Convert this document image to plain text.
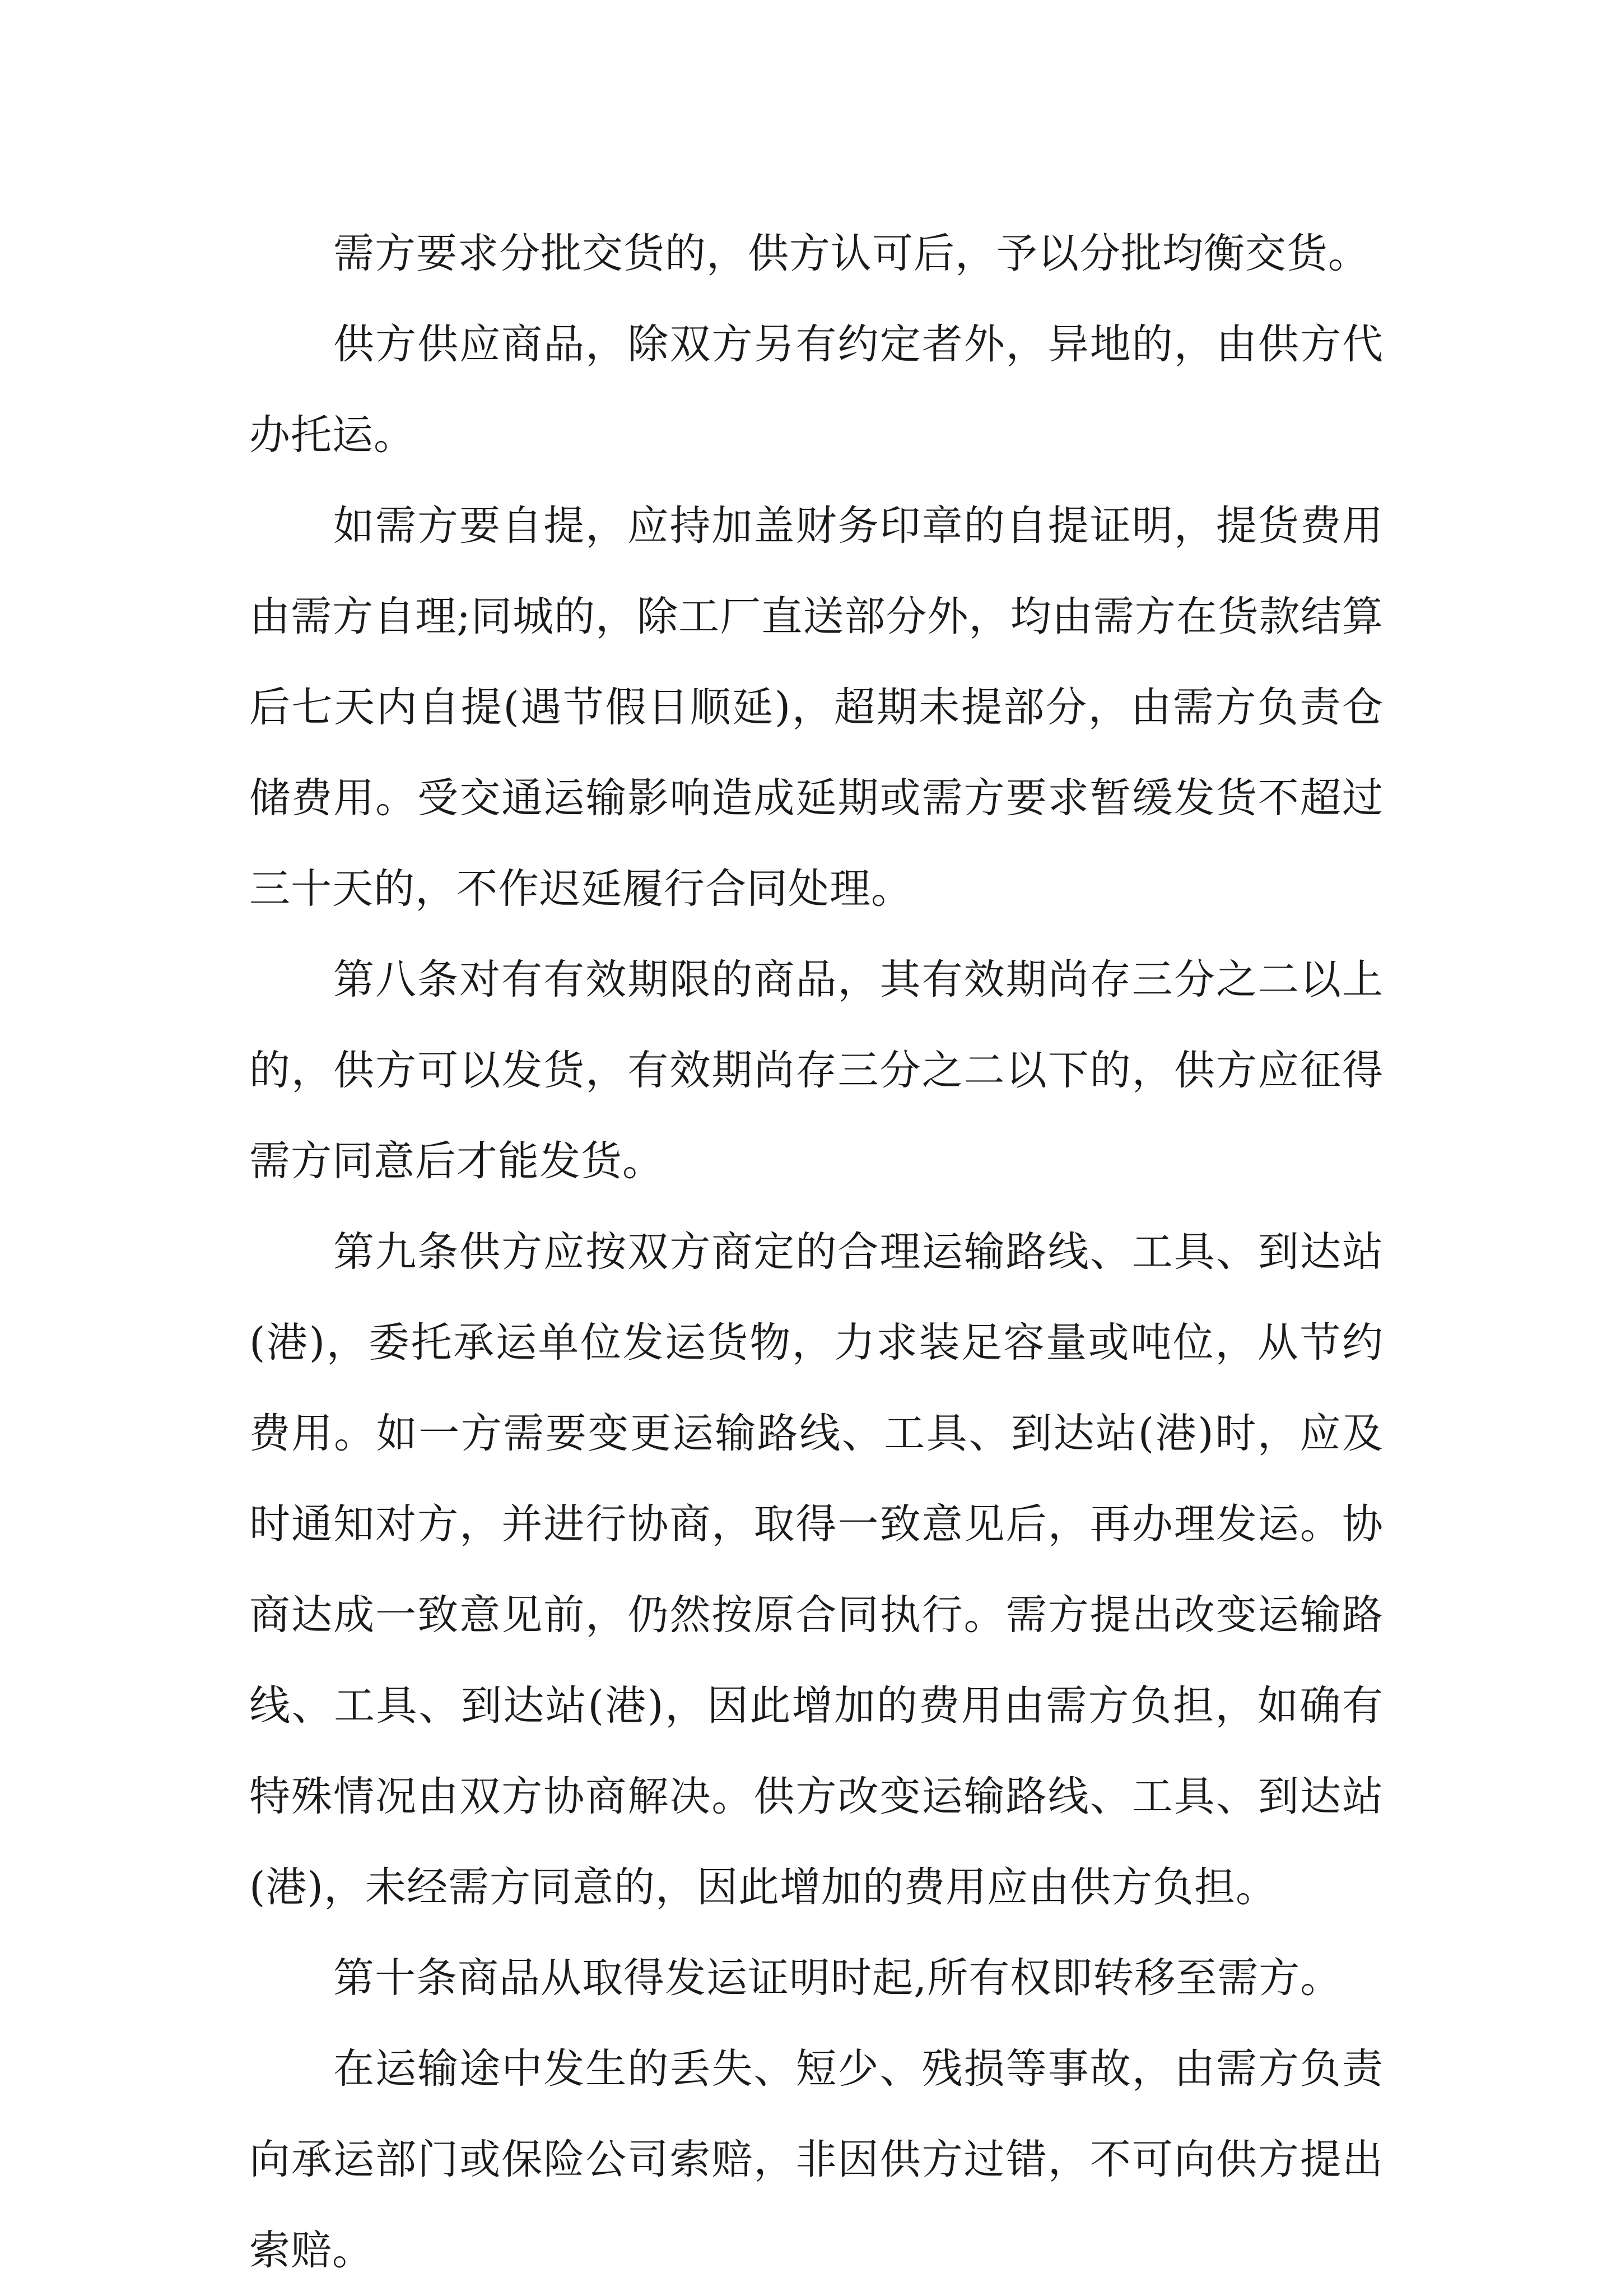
需方要求分批交货的，供方认可后，予以分批均衡交货。

供方供应商品，除双方另有约定者外，异地的，由供方代办托运。

如需方要自提，应持加盖财务印章的自提证明，提货费用由需方自理;同城的，除工厂直送部分外，均由需方在货款结算后七天内自提(遇节假日顺延)，超期未提部分，由需方负责仓储费用。受交通运输影响造成延期或需方要求暂缓发货不超过三十天的，不作迟延履行合同处理。

第八条对有有效期限的商品，其有效期尚存三分之二以上的，供方可以发货，有效期尚存三分之二以下的，供方应征得需方同意后才能发货。

第九条供方应按双方商定的合理运输路线、工具、到达站(港)，委托承运单位发运货物，力求装足容量或吨位，从节约费用。如一方需要变更运输路线、工具、到达站(港)时，应及时通知对方，并进行协商，取得一致意见后，再办理发运。协商达成一致意见前，仍然按原合同执行。需方提出改变运输路线、工具、到达站(港)，因此增加的费用由需方负担，如确有特殊情况由双方协商解决。供方改变运输路线、工具、到达站(港)，未经需方同意的，因此增加的费用应由供方负担。

第十条商品从取得发运证明时起,所有权即转移至需方。

在运输途中发生的丢失、短少、残损等事故，由需方负责向承运部门或保险公司索赔，非因供方过错，不可向供方提出索赔。
